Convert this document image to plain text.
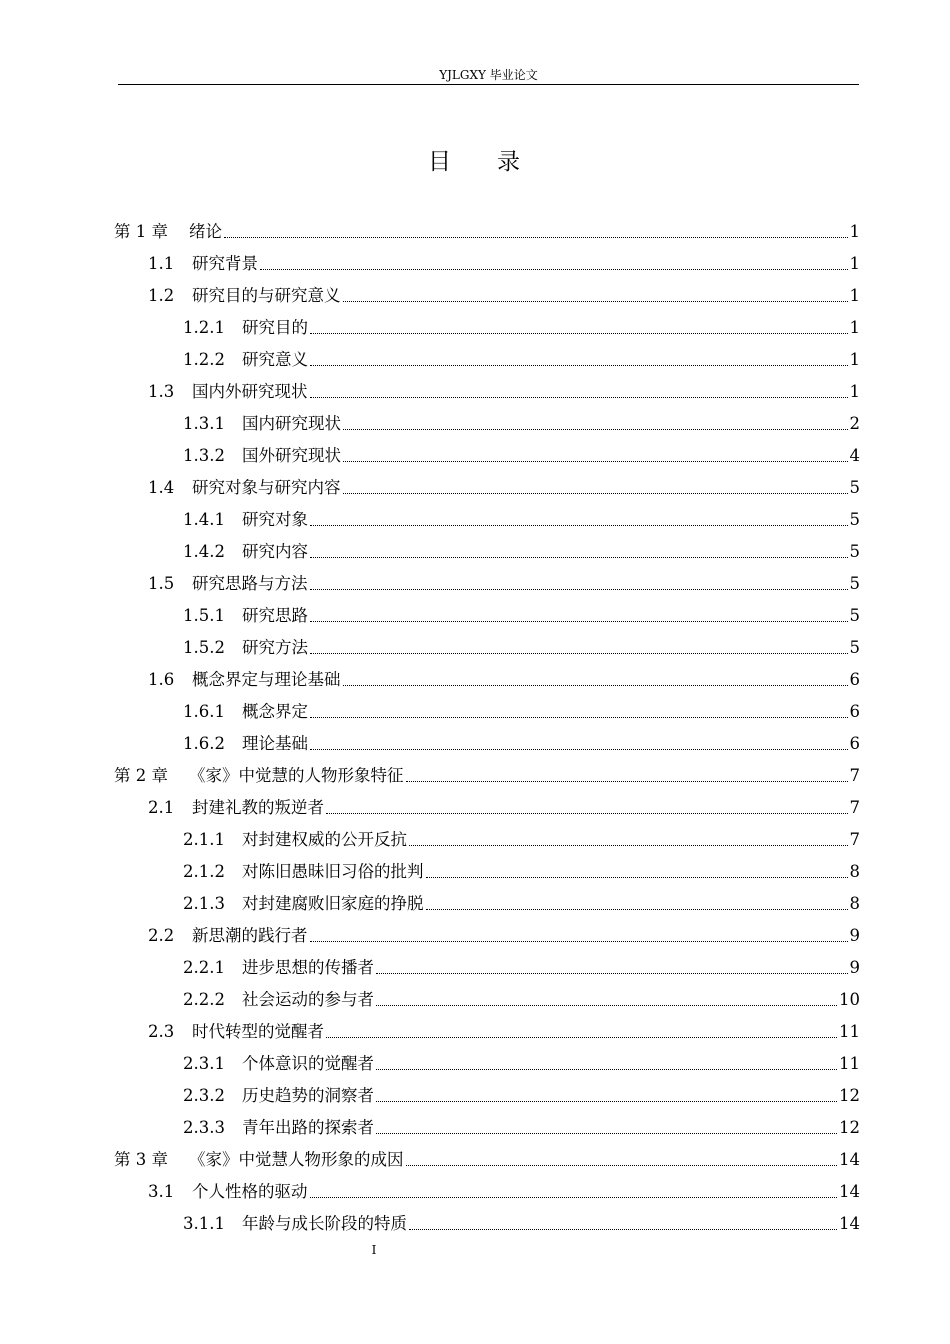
YJLGXY 毕业论文
目 录
第 1 章	绪论	1
1.1	研究背景	1
1.2	研究目的与研究意义	1
1.2.1	研究目的	1
1.2.2	研究意义	1
1.3	国内外研究现状	1
1.3.1	国内研究现状	2
1.3.2	国外研究现状	4
1.4	研究对象与研究内容	5
1.4.1	研究对象	5
1.4.2	研究内容	5
1.5	研究思路与方法	5
1.5.1	研究思路	5
1.5.2	研究方法	5
1.6	概念界定与理论基础	6
1.6.1	概念界定	6
1.6.2	理论基础	6
第 2 章	《家》中觉慧的人物形象特征	7
2.1	封建礼教的叛逆者	7
2.1.1	对封建权威的公开反抗	7
2.1.2	对陈旧愚昧旧习俗的批判	8
2.1.3	对封建腐败旧家庭的挣脱	8
2.2	新思潮的践行者	9
2.2.1	进步思想的传播者	9
2.2.2	社会运动的参与者	10
2.3	时代转型的觉醒者	11
2.3.1	个体意识的觉醒者	11
2.3.2	历史趋势的洞察者	12
2.3.3	青年出路的探索者	12
第 3 章	《家》中觉慧人物形象的成因	14
3.1	个人性格的驱动	14
3.1.1	年龄与成长阶段的特质	14
I
